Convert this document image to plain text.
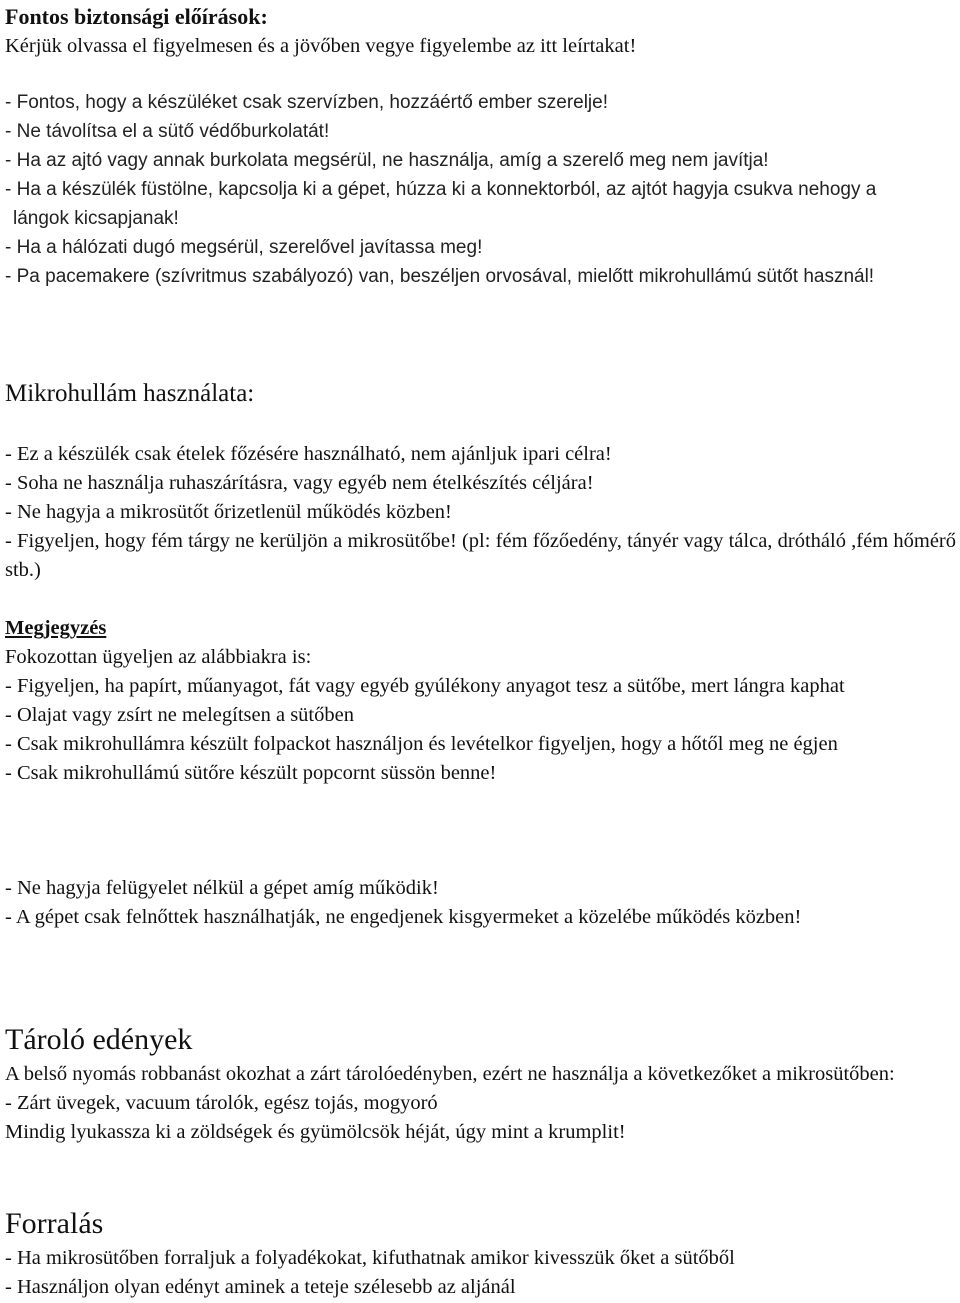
Fontos biztonsági előírások:

Kérjük olvassa el figyelmesen és a jövőben vegye figyelembe az itt leírtakat!

- Fontos, hogy a készüléket csak szervízben, hozzáértő ember szerelje!

- Ne távolítsa el a sütő védőburkolatát!

- Ha az ajtó vagy annak burkolata megsérül, ne használja, amíg a szerelő meg nem javítja!

- Ha a készülék füstölne, kapcsolja ki a gépet, húzza ki a konnektorból, az ajtót hagyja csukva nehogy a

lángok kicsapjanak!

- Ha a hálózati dugó megsérül, szerelővel javítassa meg!

- Pa pacemakere (szívritmus szabályozó) van, beszéljen orvosával, mielőtt mikrohullámú sütőt használ!

Mikrohullám használata:

- Ez a készülék csak ételek főzésére használható, nem ajánljuk ipari célra!

- Soha ne használja ruhaszárításra, vagy egyéb nem ételkészítés céljára!

- Ne hagyja a mikrosütőt őrizetlenül működés közben!

- Figyeljen, hogy fém tárgy ne kerüljön a mikrosütőbe! (pl: fém főzőedény, tányér vagy tálca, drótháló ,fém hőmérő stb.)

Megjegyzés

Fokozottan ügyeljen az alábbiakra is:

- Figyeljen, ha papírt, műanyagot, fát vagy egyéb gyúlékony anyagot tesz a sütőbe, mert lángra kaphat

- Olajat vagy zsírt ne melegítsen a sütőben

- Csak mikrohullámra készült folpackot használjon és levételkor figyeljen, hogy a hőtől meg ne égjen

- Csak mikrohullámú sütőre készült popcornt süssön benne!

- Ne hagyja felügyelet nélkül a gépet amíg működik!

- A gépet csak felnőttek használhatják, ne engedjenek kisgyermeket a közelébe működés közben!

Tároló edények

A belső nyomás robbanást okozhat a zárt tárolóedényben, ezért ne használja a következőket a mikrosütőben:

- Zárt üvegek, vacuum tárolók, egész tojás, mogyoró

Mindig lyukassza ki a zöldségek és gyümölcsök héját, úgy mint a krumplit!

Forralás

- Ha mikrosütőben forraljuk a folyadékokat, kifuthatnak amikor kivesszük őket a sütőből

- Használjon olyan edényt aminek a teteje szélesebb az aljánál
